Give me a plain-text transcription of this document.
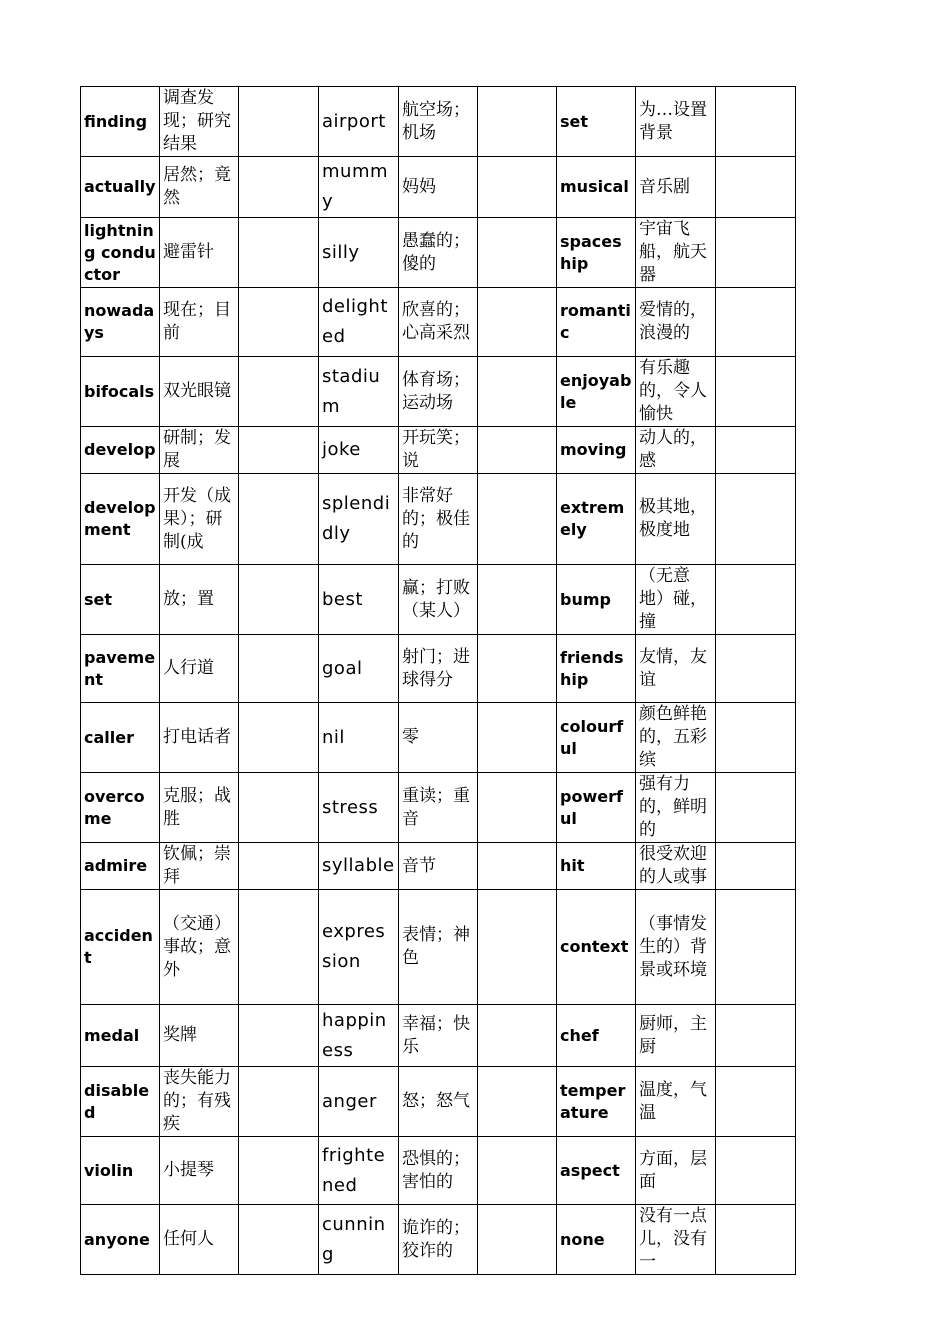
finding	调查发现；研究结果		airport	航空场；机场		set	为…设置背景	
actually	居然；竟然		mummy	妈妈		musical	音乐剧	
lightning conductor	避雷针		silly	愚蠢的；傻的		spaceship	宇宙飞船，航天器	
nowadays	现在；目前		delighted	欣喜的；心高采烈		romantic	爱情的，浪漫的	
bifocals	双光眼镜		stadium	体育场；运动场		enjoyable	有乐趣的，令人愉快	
develop	研制；发展		joke	开玩笑；说		moving	动人的，感	
development	开发（成果）；研制(成		splendidly	非常好的；极佳的		extremely	极其地，极度地	
set	放；置		best	赢；打败（某人）		bump	（无意地）碰，撞	
pavement	人行道		goal	射门；进球得分		friendship	友情，友谊	
caller	打电话者		nil	零		colourful	颜色鲜艳的，五彩缤	
overcome	克服；战胜		stress	重读；重音		powerful	强有力的，鲜明的	
admire	钦佩；崇拜		syllable	音节		hit	很受欢迎的人或事	
accident	（交通）事故；意外		expression	表情；神色		context	（事情发生的）背景或环境	
medal	奖牌		happiness	幸福；快乐		chef	厨师，主厨	
disabled	丧失能力的；有残疾		anger	怒；怒气		temperature	温度，气温	
violin	小提琴		frightened	恐惧的；害怕的		aspect	方面，层面	
anyone	任何人		cunning	诡诈的；狡诈的		none	没有一点儿，没有一	
